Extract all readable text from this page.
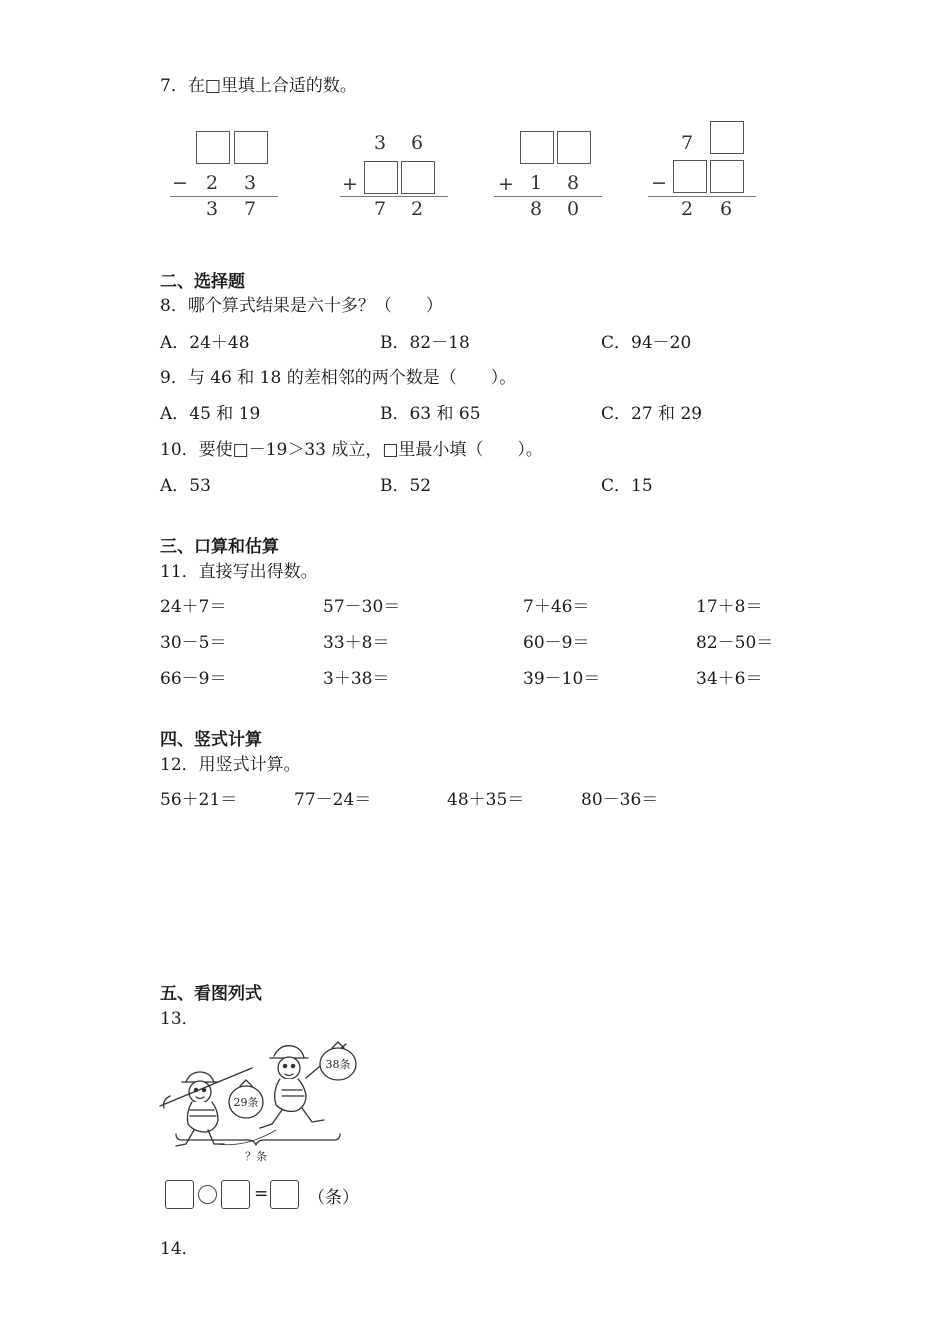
7．在□里填上合适的数。
− 2 3
3 7
3 6
+
7 2
+ 1 8
8 0
7
−
2 6
二、选择题
8．哪个算式结果是六十多？（　　）
A．24＋48	B．82－18	C．94－20
9．与 46 和 18 的差相邻的两个数是（　　）。
A．45 和 19	B．63 和 65	C．27 和 29
10．要使□－19＞33 成立，□里最小填（　　）。
A．53	B．52	C．15
三、口算和估算
11．直接写出得数。
24＋7＝	57－30＝	7＋46＝	17＋8＝
30－5＝	33＋8＝	60－9＝	82－50＝
66－9＝	3＋38＝	39－10＝	34＋6＝
四、竖式计算
12．用竖式计算。
56＋21＝	77－24＝	48＋35＝	80－36＝
五、看图列式
13．
29条
38条
？条
= （条）
14．
